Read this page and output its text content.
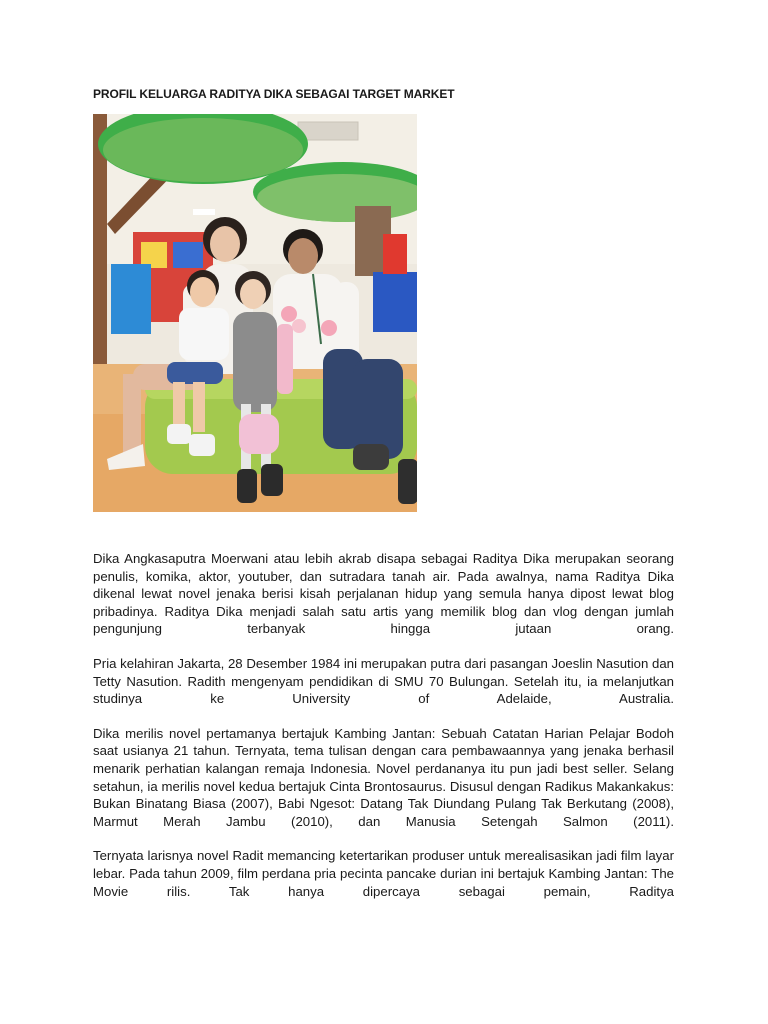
PROFIL KELUARGA RADITYA DIKA SEBAGAI TARGET MARKET

Dika Angkasaputra Moerwani atau lebih akrab disapa sebagai Raditya Dika merupakan seorang penulis, komika, aktor, youtuber, dan sutradara tanah air. Pada awalnya, nama Raditya Dika dikenal lewat novel jenaka berisi kisah perjalanan hidup yang semula hanya dipost lewat blog pribadinya. Raditya Dika menjadi salah satu artis yang memilik blog dan vlog dengan jumlah pengunjung terbanyak hingga jutaan orang.

Pria kelahiran Jakarta, 28 Desember 1984 ini merupakan putra dari pasangan Joeslin Nasution dan Tetty Nasution. Radith mengenyam pendidikan di SMU 70 Bulungan. Setelah itu, ia melanjutkan studinya ke University of Adelaide, Australia.

Dika merilis novel pertamanya bertajuk Kambing Jantan: Sebuah Catatan Harian Pelajar Bodoh saat usianya 21 tahun. Ternyata, tema tulisan dengan cara pembawaannya yang jenaka berhasil menarik perhatian kalangan remaja Indonesia. Novel perdananya itu pun jadi best seller. Selang setahun, ia merilis novel kedua bertajuk Cinta Brontosaurus. Disusul dengan Radikus Makankakus: Bukan Binatang Biasa (2007), Babi Ngesot: Datang Tak Diundang Pulang Tak Berkutang (2008), Marmut Merah Jambu (2010), dan Manusia Setengah Salmon (2011).

Ternyata larisnya novel Radit memancing ketertarikan produser untuk merealisasikan jadi film layar lebar. Pada tahun 2009, film perdana pria pecinta pancake durian ini bertajuk Kambing Jantan: The Movie rilis. Tak hanya dipercaya sebagai pemain, Raditya
